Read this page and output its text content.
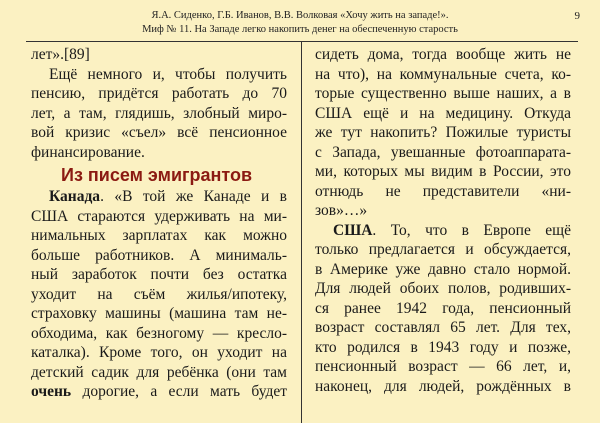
Я.А. Сиденко, Г.Б. Иванов, В.В. Волковая «Хочу жить на западе!».
Миф № 11. На Западе легко накопить денег на обеспеченную старость
9
лет».[89]
Ещё немного и, чтобы получить
пенсию, придётся работать до 70
лет, а там, глядишь, злобный миро-
вой кризис «съел» всё пенсионное
финансирование.
Из писем эмигрантов
Канада. «В той же Канаде и в
США стараются удерживать на ми-
нимальных зарплатах как можно
больше работников. А минималь-
ный заработок почти без остатка
уходит на съём жилья/ипотеку,
страховку машины (машина там не-
обходима, как безногому — кресло-
каталка). Кроме того, он уходит на
детский садик для ребёнка (они там
очень дорогие, а если мать будет
сидеть дома, тогда вообще жить не
на что), на коммунальные счета, ко-
торые существенно выше наших, а в
США ещё и на медицину. Откуда
же тут накопить? Пожилые туристы
с Запада, увешанные фотоаппарата-
ми, которых мы видим в России, это
отнюдь не представители «ни-
зов»…»
США. То, что в Европе ещё
только предлагается и обсуждается,
в Америке уже давно стало нормой.
Для людей обоих полов, родивших-
ся ранее 1942 года, пенсионный
возраст составлял 65 лет. Для тех,
кто родился в 1943 году и позже,
пенсионный возраст — 66 лет, и,
наконец, для людей, рождённых в
